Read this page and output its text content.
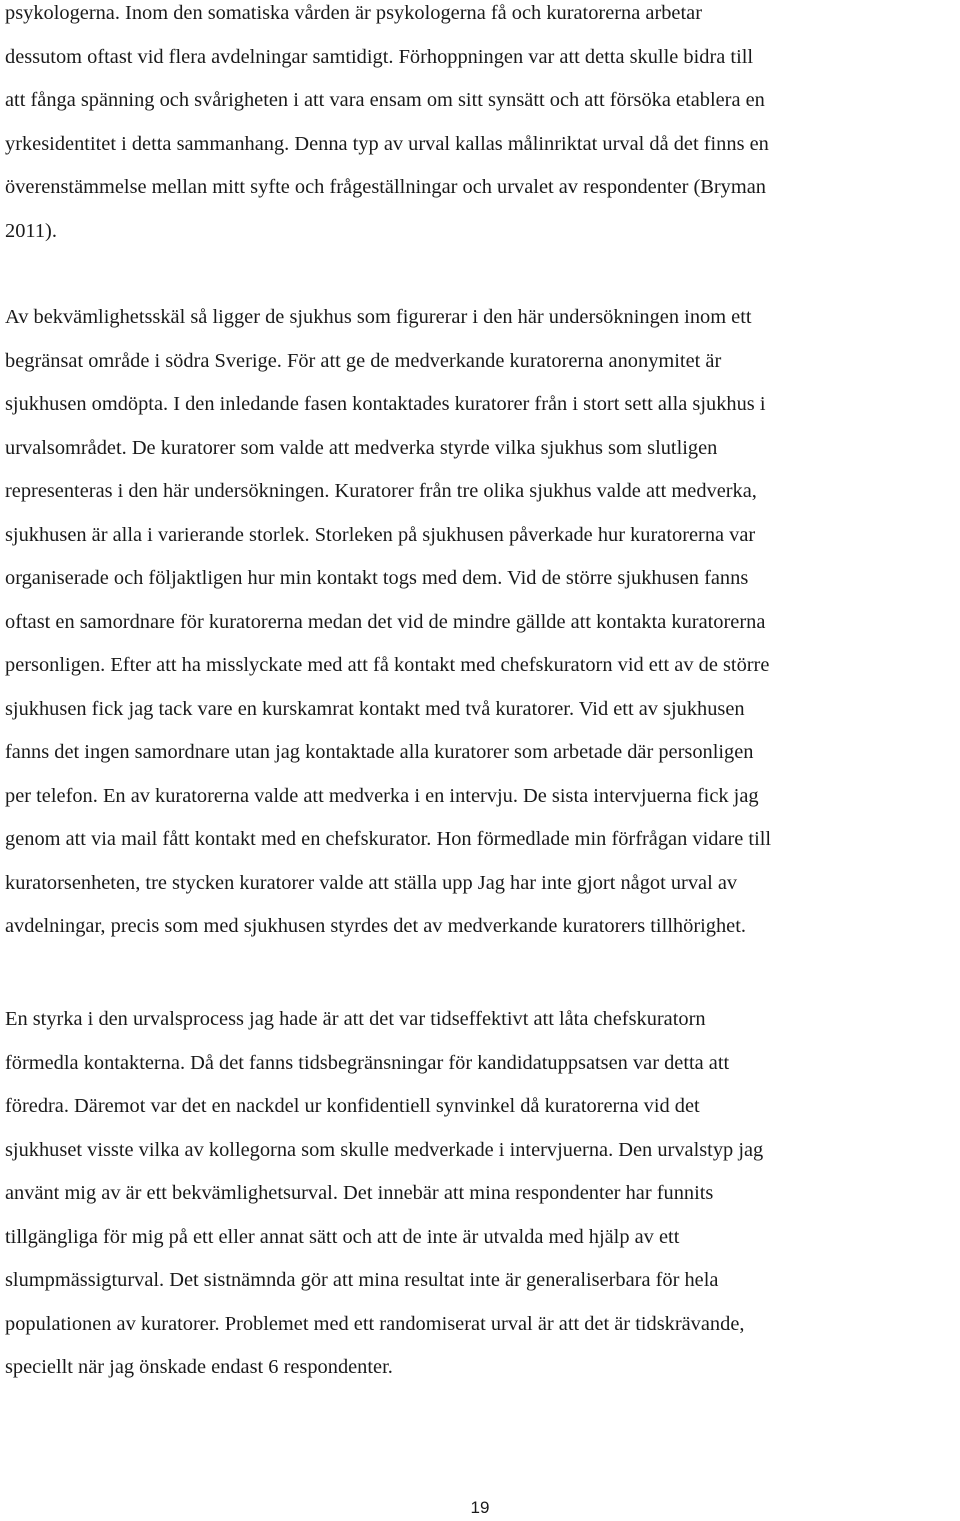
psykologerna. Inom den somatiska vården är psykologerna få och kuratorerna arbetar
dessutom oftast vid flera avdelningar samtidigt. Förhoppningen var att detta skulle bidra till
att fånga spänning och svårigheten i att vara ensam om sitt synsätt och att försöka etablera en
yrkesidentitet i detta sammanhang. Denna typ av urval kallas målinriktat urval då det finns en
överenstämmelse mellan mitt syfte och frågeställningar och urvalet av respondenter (Bryman
2011).

Av bekvämlighetsskäl så ligger de sjukhus som figurerar i den här undersökningen inom ett
begränsat område i södra Sverige. För att ge de medverkande kuratorerna anonymitet är
sjukhusen omdöpta. I den inledande fasen kontaktades kuratorer från i stort sett alla sjukhus i
urvalsområdet. De kuratorer som valde att medverka styrde vilka sjukhus som slutligen
representeras i den här undersökningen. Kuratorer från tre olika sjukhus valde att medverka,
sjukhusen är alla i varierande storlek. Storleken på sjukhusen påverkade hur kuratorerna var
organiserade och följaktligen hur min kontakt togs med dem. Vid de större sjukhusen fanns
oftast en samordnare för kuratorerna medan det vid de mindre gällde att kontakta kuratorerna
personligen. Efter att ha misslyckate med att få kontakt med chefskuratorn vid ett av de större
sjukhusen fick jag tack vare en kurskamrat kontakt med två kuratorer. Vid ett av sjukhusen
fanns det ingen samordnare utan jag kontaktade alla kuratorer som arbetade där personligen
per telefon. En av kuratorerna valde att medverka i en intervju. De sista intervjuerna fick jag
genom att via mail fått kontakt med en chefskurator. Hon förmedlade min förfrågan vidare till
kuratorsenheten, tre stycken kuratorer valde att ställa upp Jag har inte gjort något urval av
avdelningar, precis som med sjukhusen styrdes det av medverkande kuratorers tillhörighet.

En styrka i den urvalsprocess jag hade är att det var tidseffektivt att låta chefskuratorn
förmedla kontakterna. Då det fanns tidsbegränsningar för kandidatuppsatsen var detta att
föredra. Däremot var det en nackdel ur konfidentiell synvinkel då kuratorerna vid det
sjukhuset visste vilka av kollegorna som skulle medverkade i intervjuerna. Den urvalstyp jag
använt mig av är ett bekvämlighetsurval. Det innebär att mina respondenter har funnits
tillgängliga för mig på ett eller annat sätt och att de inte är utvalda med hjälp av ett
slumpmässigturval. Det sistnämnda gör att mina resultat inte är generaliserbara för hela
populationen av kuratorer. Problemet med ett randomiserat urval är att det är tidskrävande,
speciellt när jag önskade endast 6 respondenter.

19
